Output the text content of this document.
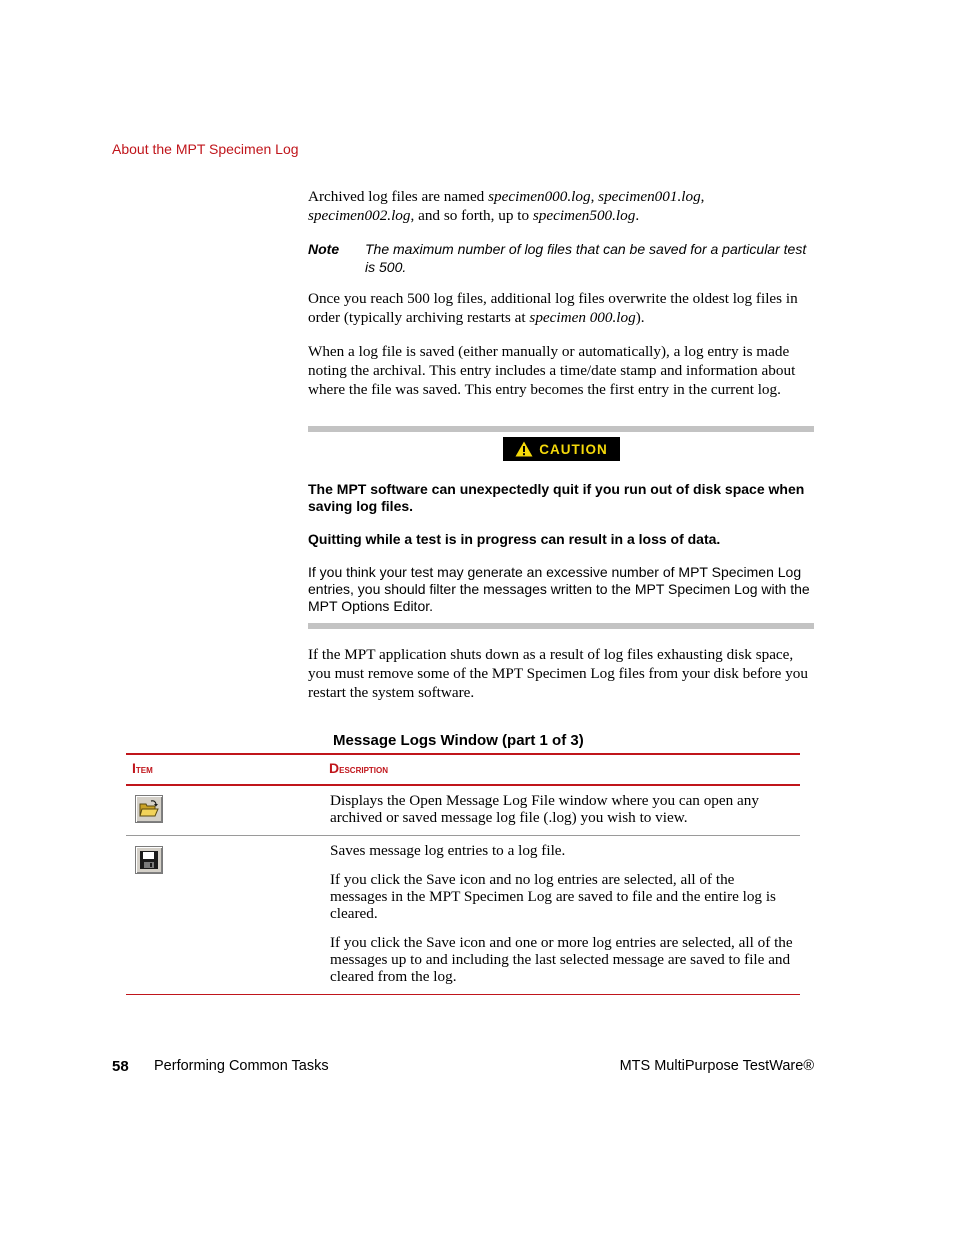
About the MPT Specimen Log
Archived log files are named specimen000.log, specimen001.log, specimen002.log, and so forth, up to specimen500.log.
Note The maximum number of log files that can be saved for a particular test is 500.
Once you reach 500 log files, additional log files overwrite the oldest log files in order (typically archiving restarts at specimen 000.log).
When a log file is saved (either manually or automatically), a log entry is made noting the archival. This entry includes a time/date stamp and information about where the file was saved. This entry becomes the first entry in the current log.
CAUTION
The MPT software can unexpectedly quit if you run out of disk space when saving log files.
Quitting while a test is in progress can result in a loss of data.
If you think your test may generate an excessive number of MPT Specimen Log entries, you should filter the messages written to the MPT Specimen Log with the MPT Options Editor.
If the MPT application shuts down as a result of log files exhausting disk space, you must remove some of the MPT Specimen Log files from your disk before you restart the system software.
Message Logs Window (part 1 of 3)
Item	Description
Displays the Open Message Log File window where you can open any archived or saved message log file (.log) you wish to view.
Saves message log entries to a log file.
If you click the Save icon and no log entries are selected, all of the messages in the MPT Specimen Log are saved to file and the entire log is cleared.
If you click the Save icon and one or more log entries are selected, all of the messages up to and including the last selected message are saved to file and cleared from the log.
58 Performing Common Tasks	MTS MultiPurpose TestWare®
